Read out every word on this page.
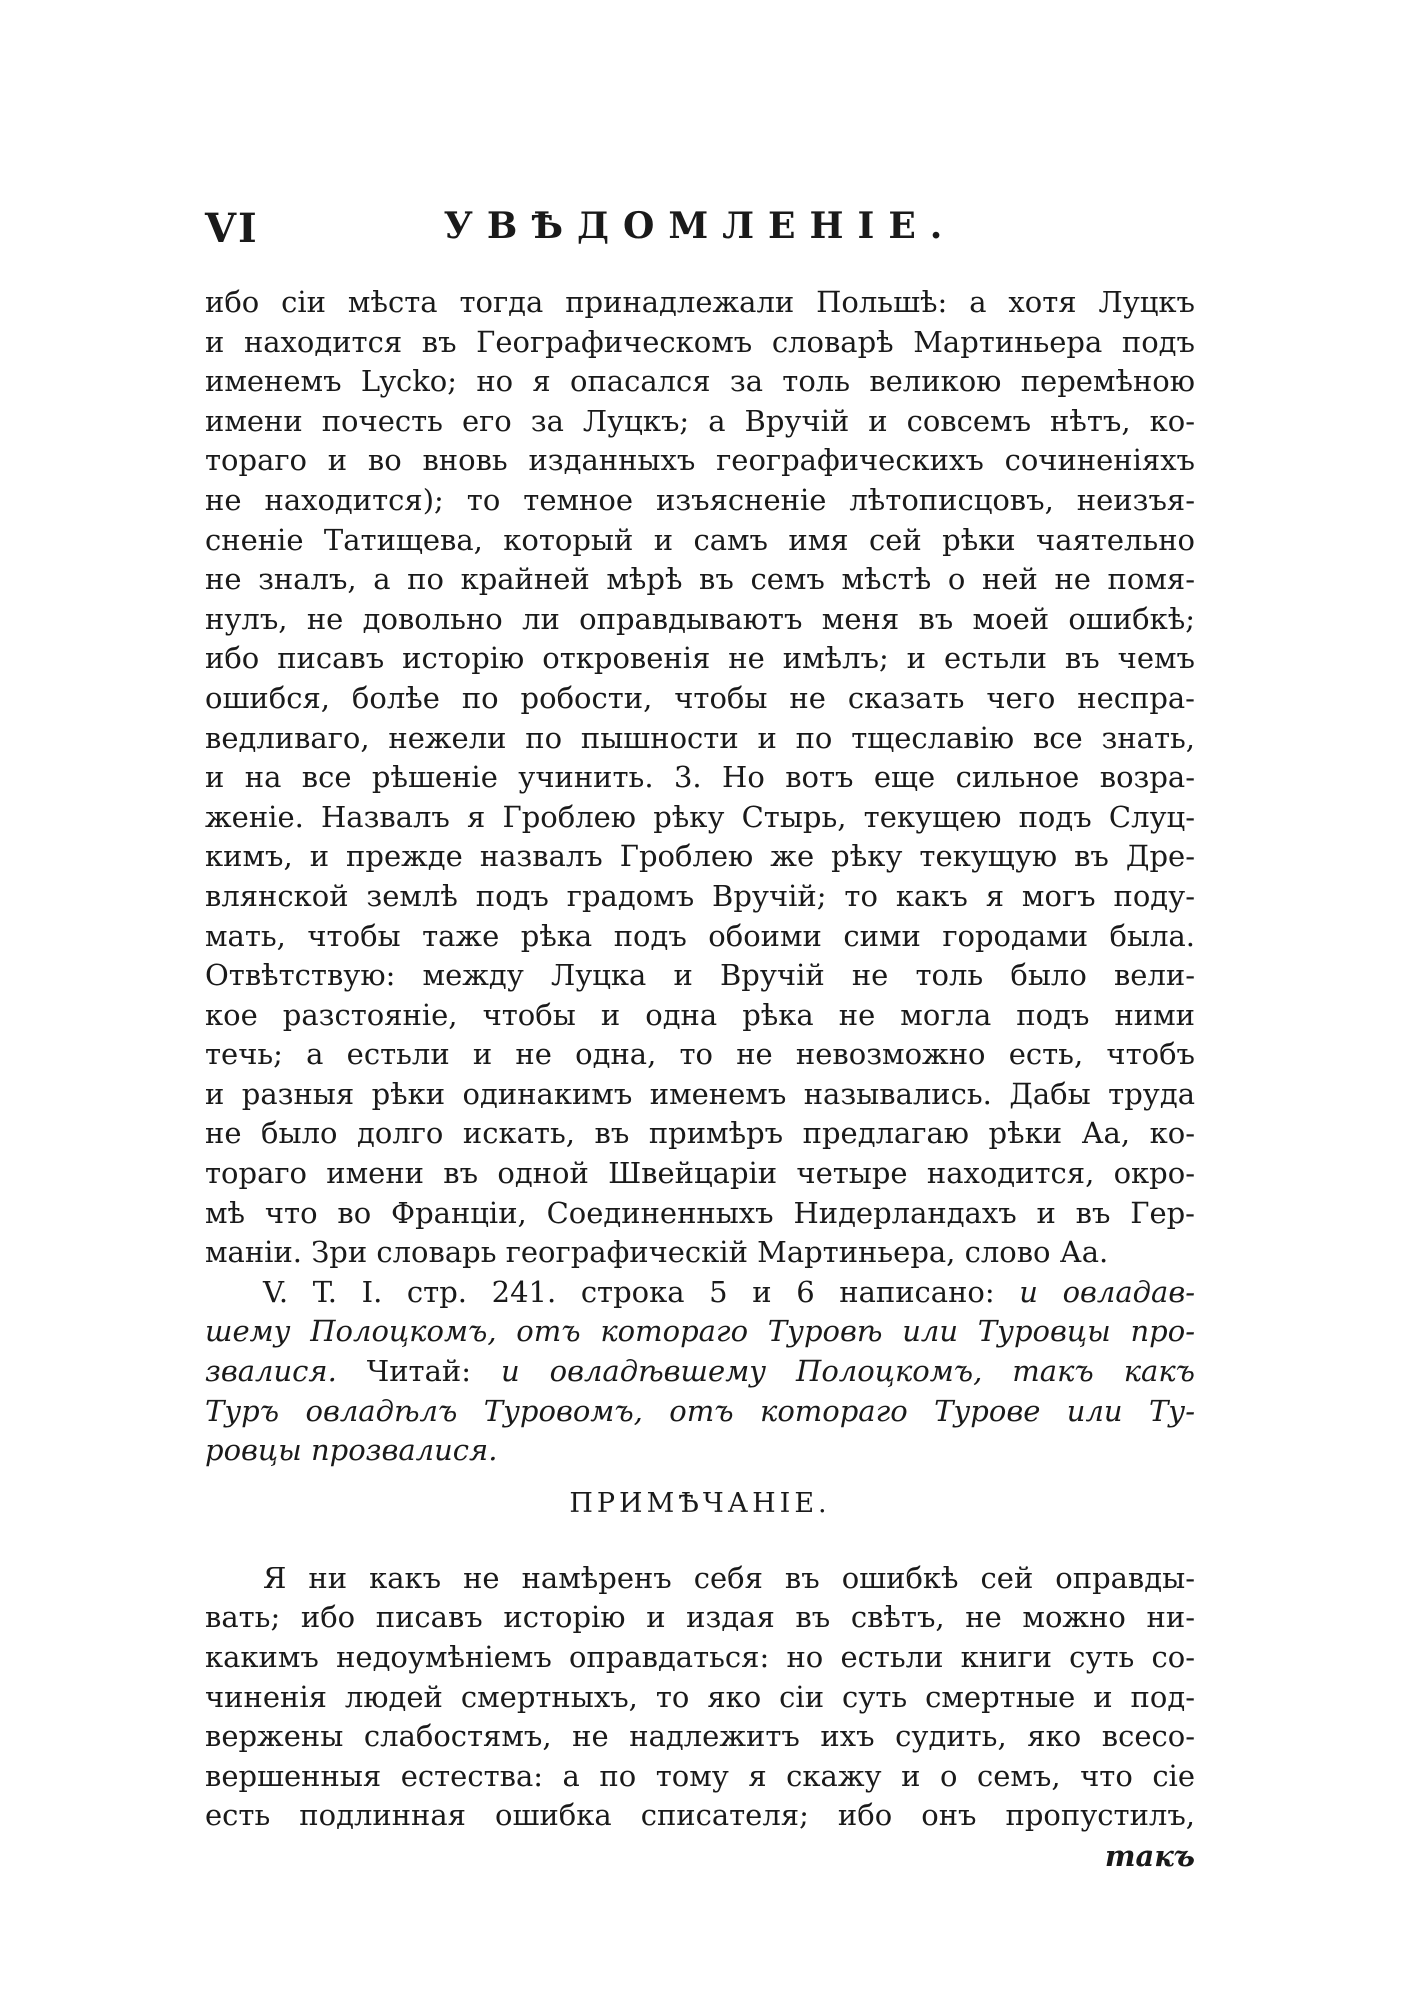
VI	УВѢДОМЛЕНІЕ.
ибо сіи мѣста тогда принадлежали Польшѣ: а хотя Луцкъ
и находится въ Географическомъ словарѣ Мартиньера подъ
именемъ Lycko; но я опасался за толь великою перемѣною
имени почесть его за Луцкъ; а Вручій и совсемъ нѣтъ, ко-
тораго и во вновь изданныхъ географическихъ сочиненіяхъ
не находится); то темное изъясненіе лѣтописцовъ, неизъя-
сненіе Татищева, который и самъ имя сей рѣки чаятельно
не зналъ, а по крайней мѣрѣ въ семъ мѣстѣ о ней не помя-
нулъ, не довольно ли оправдываютъ меня въ моей ошибкѣ;
ибо писавъ исторію откровенія не имѣлъ; и естьли въ чемъ
ошибся, болѣе по робости, чтобы не сказать чего неспра-
ведливаго, нежели по пышности и по тщеславію все знать,
и на все рѣшеніе учинить. 3. Но вотъ еще сильное возра-
женіе. Назвалъ я Гроблею рѣку Стырь, текущею подъ Слуц-
кимъ, и прежде назвалъ Гроблею же рѣку текущую въ Дре-
влянской землѣ подъ градомъ Вручій; то какъ я могъ поду-
мать, чтобы таже рѣка подъ обоими сими городами была.
Отвѣтствую: между Луцка и Вручій не толь было вели-
кое разстояніе, чтобы и одна рѣка не могла подъ ними
течь; а естьли и не одна, то не невозможно есть, чтобъ
и разныя рѣки одинакимъ именемъ назывались. Дабы труда
не было долго искать, въ примѣръ предлагаю рѣки Аа, ко-
тораго имени въ одной Швейцаріи четыре находится, окро-
мѣ что во Франціи, Соединенныхъ Нидерландахъ и въ Гер-
маніи. Зри словарь географическій Мартиньера, слово Аа.
V. T. I. стр. 241. строка 5 и 6 написано: и овладав-
шему Полоцкомъ, отъ котораго Туровѣ или Туровцы про-
звалися. Читай: и овладѣвшему Полоцкомъ, такъ какъ
Туръ овладѣлъ Туровомъ, отъ котораго Турове или Ту-
ровцы прозвалися.
ПРИМѢЧАНІЕ.
Я ни какъ не намѣренъ себя въ ошибкѣ сей оправды-
вать; ибо писавъ исторію и издая въ свѣтъ, не можно ни-
какимъ недоумѣніемъ оправдаться: но естьли книги суть со-
чиненія людей смертныхъ, то яко сіи суть смертные и под-
вержены слабостямъ, не надлежитъ ихъ судить, яко всесо-
вершенныя естества: а по тому я скажу и о семъ, что сіе
есть подлинная ошибка списателя; ибо онъ пропустилъ,
такъ
